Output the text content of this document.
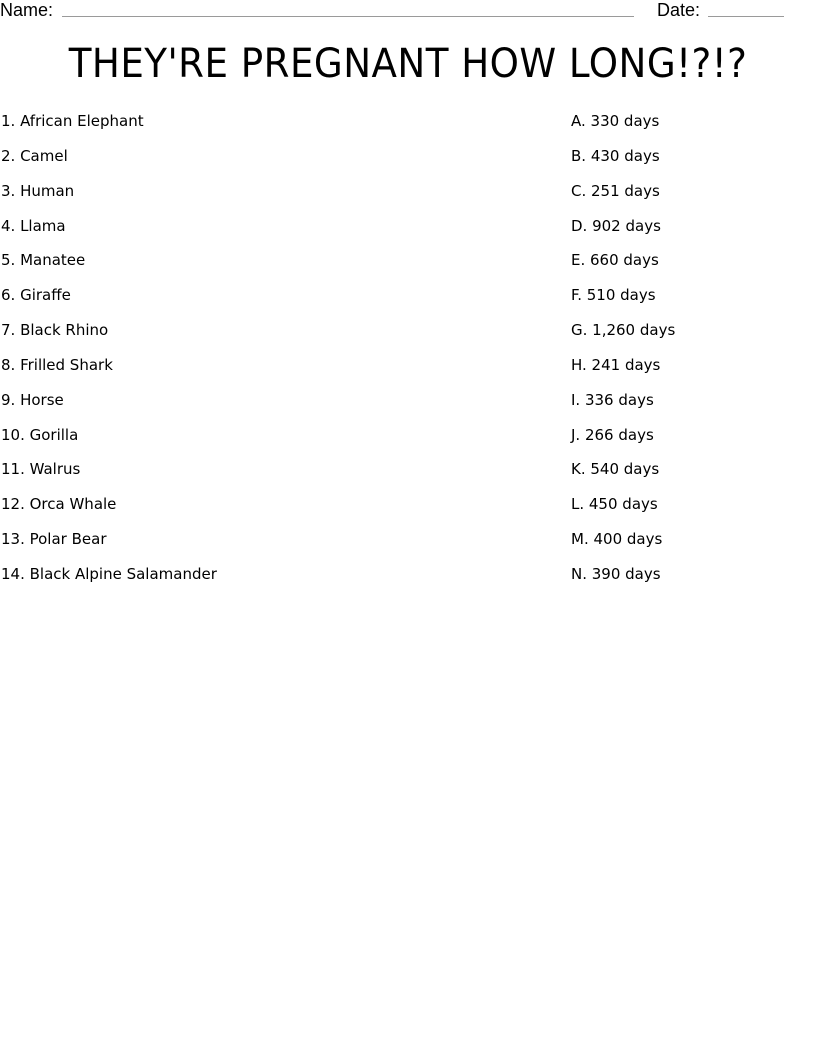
Name:	Date:
THEY'RE PREGNANT HOW LONG!?!?
1. African Elephant
2. Camel
3. Human
4. Llama
5. Manatee
6. Giraffe
7. Black Rhino
8. Frilled Shark
9. Horse
10. Gorilla
11. Walrus
12. Orca Whale
13. Polar Bear
14. Black Alpine Salamander
A. 330 days
B. 430 days
C. 251 days
D. 902 days
E. 660 days
F. 510 days
G. 1,260 days
H. 241 days
I. 336 days
J. 266 days
K. 540 days
L. 450 days
M. 400 days
N. 390 days
